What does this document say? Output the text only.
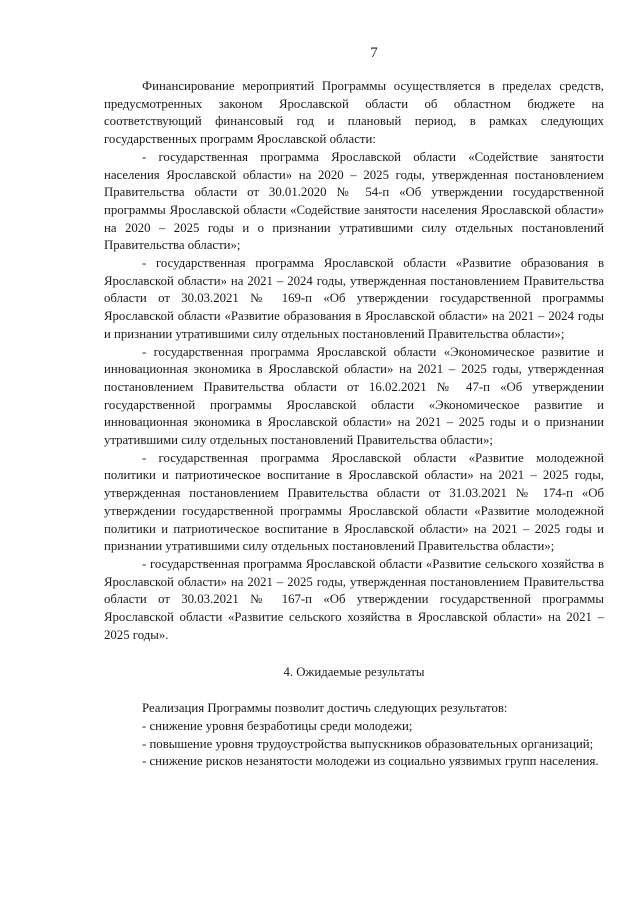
7

Финансирование мероприятий Программы осуществляется в пределах средств, предусмотренных законом Ярославской области об областном бюджете на соответствующий финансовый год и плановый период, в рамках следующих государственных программ Ярославской области:

- государственная программа Ярославской области «Содействие занятости населения Ярославской области» на 2020 – 2025 годы, утвержденная постановлением Правительства области от 30.01.2020 № 54-п «Об утверждении государственной программы Ярославской области «Содействие занятости населения Ярославской области» на 2020 – 2025 годы и о признании утратившими силу отдельных постановлений Правительства области»;

- государственная программа Ярославской области «Развитие образования в Ярославской области» на 2021 – 2024 годы, утвержденная постановлением Правительства области от 30.03.2021 № 169-п «Об утверждении государственной программы Ярославской области «Развитие образования в Ярославской области» на 2021 – 2024 годы и признании утратившими силу отдельных постановлений Правительства области»;

- государственная программа Ярославской области «Экономическое развитие и инновационная экономика в Ярославской области» на 2021 – 2025 годы, утвержденная постановлением Правительства области от 16.02.2021 № 47-п «Об утверждении государственной программы Ярославской области «Экономическое развитие и инновационная экономика в Ярославской области» на 2021 – 2025 годы и о признании утратившими силу отдельных постановлений Правительства области»;

- государственная программа Ярославской области «Развитие молодежной политики и патриотическое воспитание в Ярославской области» на 2021 – 2025 годы, утвержденная постановлением Правительства области от 31.03.2021 № 174-п «Об утверждении государственной программы Ярославской области «Развитие молодежной политики и патриотическое воспитание в Ярославской области» на 2021 – 2025 годы и признании утратившими силу отдельных постановлений Правительства области»;

- государственная программа Ярославской области «Развитие сельского хозяйства в Ярославской области» на 2021 – 2025 годы, утвержденная постановлением Правительства области от 30.03.2021 № 167-п «Об утверждении государственной программы Ярославской области «Развитие сельского хозяйства в Ярославской области» на 2021 – 2025 годы».

4. Ожидаемые результаты

Реализация Программы позволит достичь следующих результатов:

- снижение уровня безработицы среди молодежи;

- повышение уровня трудоустройства выпускников образовательных организаций;

- снижение рисков незанятости молодежи из социально уязвимых групп населения.
